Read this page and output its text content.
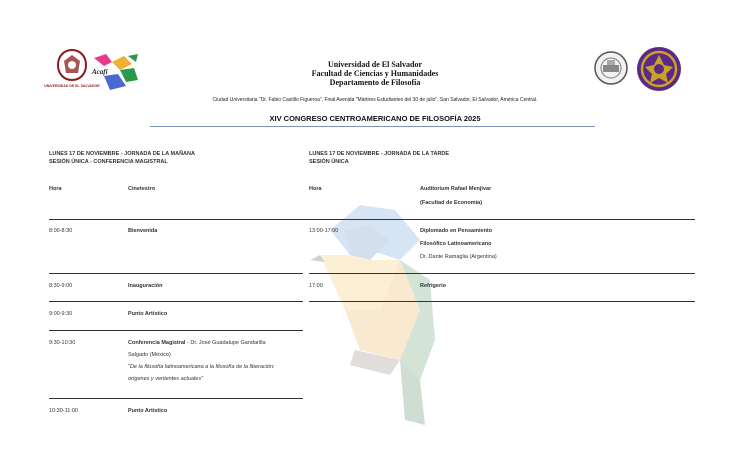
UNIVERSIDAD DE EL SALVADOR
Acafi
Universidad de El Salvador
Facultad de Ciencias y Humanidades
Departamento de Filosofía
Ciudad Universitaria "Dr. Fabio Castillo Figueroa", Final Avenida "Mártires Estudiantes del 30 de julio", San Salvador, El Salvador, América Central.
XIV CONGRESO CENTROAMERICANO DE FILOSOFÍA 2025
LUNES 17 DE NOVIEMBRE - JORNADA DE LA MAÑANA
SESIÓN ÚNICA - CONFERENCIA MAGISTRAL
LUNES 17 DE NOVIEMBRE - JORNADA DE LA TARDE
SESIÓN ÚNICA
Hora	Cinetestro	Hora	Auditorium Rafael Menjívar
(Facultad de Economía)
8:00-8:30	Bienvenida	13:00-17:00	Diplomado en Pensamiento
Filosófico Latinoamericano
Dr. Dante Ramaglia (Argentina)
8:30-9:00	Inauguración	17:00	Refrigerio
9:00-9:30	Punto Artístico
9:30-10:30	Conferencia Magistral - Dr. José Guadalupe Gandarilla
Salgado (México)
"De la filosofía latinoamericana a la filosofía de la liberación:
orígenes y vertientes actuales"
10:30-11:00	Punto Artístico
